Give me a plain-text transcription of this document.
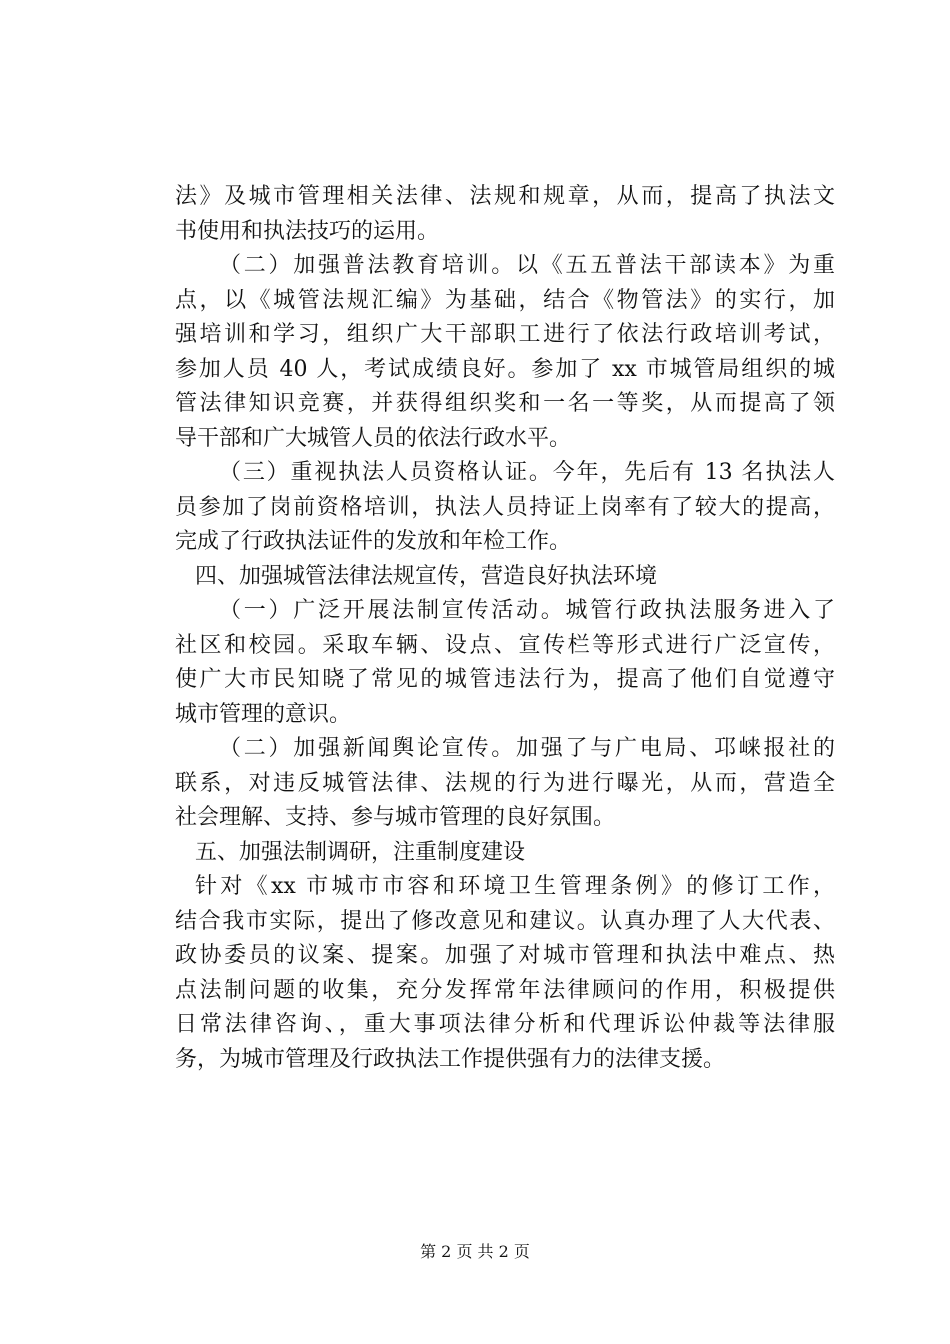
法》及城市管理相关法律、法规和规章，从而，提高了执法文
书使用和执法技巧的运用。
（二）加强普法教育培训。以《五五普法干部读本》为重
点，以《城管法规汇编》为基础，结合《物管法》的实行，加
强培训和学习，组织广大干部职工进行了依法行政培训考试，
参加人员 40 人，考试成绩良好。参加了 xx 市城管局组织的城
管法律知识竞赛，并获得组织奖和一名一等奖，从而提高了领
导干部和广大城管人员的依法行政水平。
（三）重视执法人员资格认证。今年，先后有 13 名执法人
员参加了岗前资格培训，执法人员持证上岗率有了较大的提高，
完成了行政执法证件的发放和年检工作。
四、加强城管法律法规宣传，营造良好执法环境
（一）广泛开展法制宣传活动。城管行政执法服务进入了
社区和校园。采取车辆、设点、宣传栏等形式进行广泛宣传，
使广大市民知晓了常见的城管违法行为，提高了他们自觉遵守
城市管理的意识。
（二）加强新闻舆论宣传。加强了与广电局、邛崃报社的
联系，对违反城管法律、法规的行为进行曝光，从而，营造全
社会理解、支持、参与城市管理的良好氛围。
五、加强法制调研，注重制度建设
针对《xx 市城市市容和环境卫生管理条例》的修订工作，
结合我市实际，提出了修改意见和建议。认真办理了人大代表、
政协委员的议案、提案。加强了对城市管理和执法中难点、热
点法制问题的收集，充分发挥常年法律顾问的作用，积极提供
日常法律咨询、，重大事项法律分析和代理诉讼仲裁等法律服
务，为城市管理及行政执法工作提供强有力的法律支援。
第 2 页 共 2 页
